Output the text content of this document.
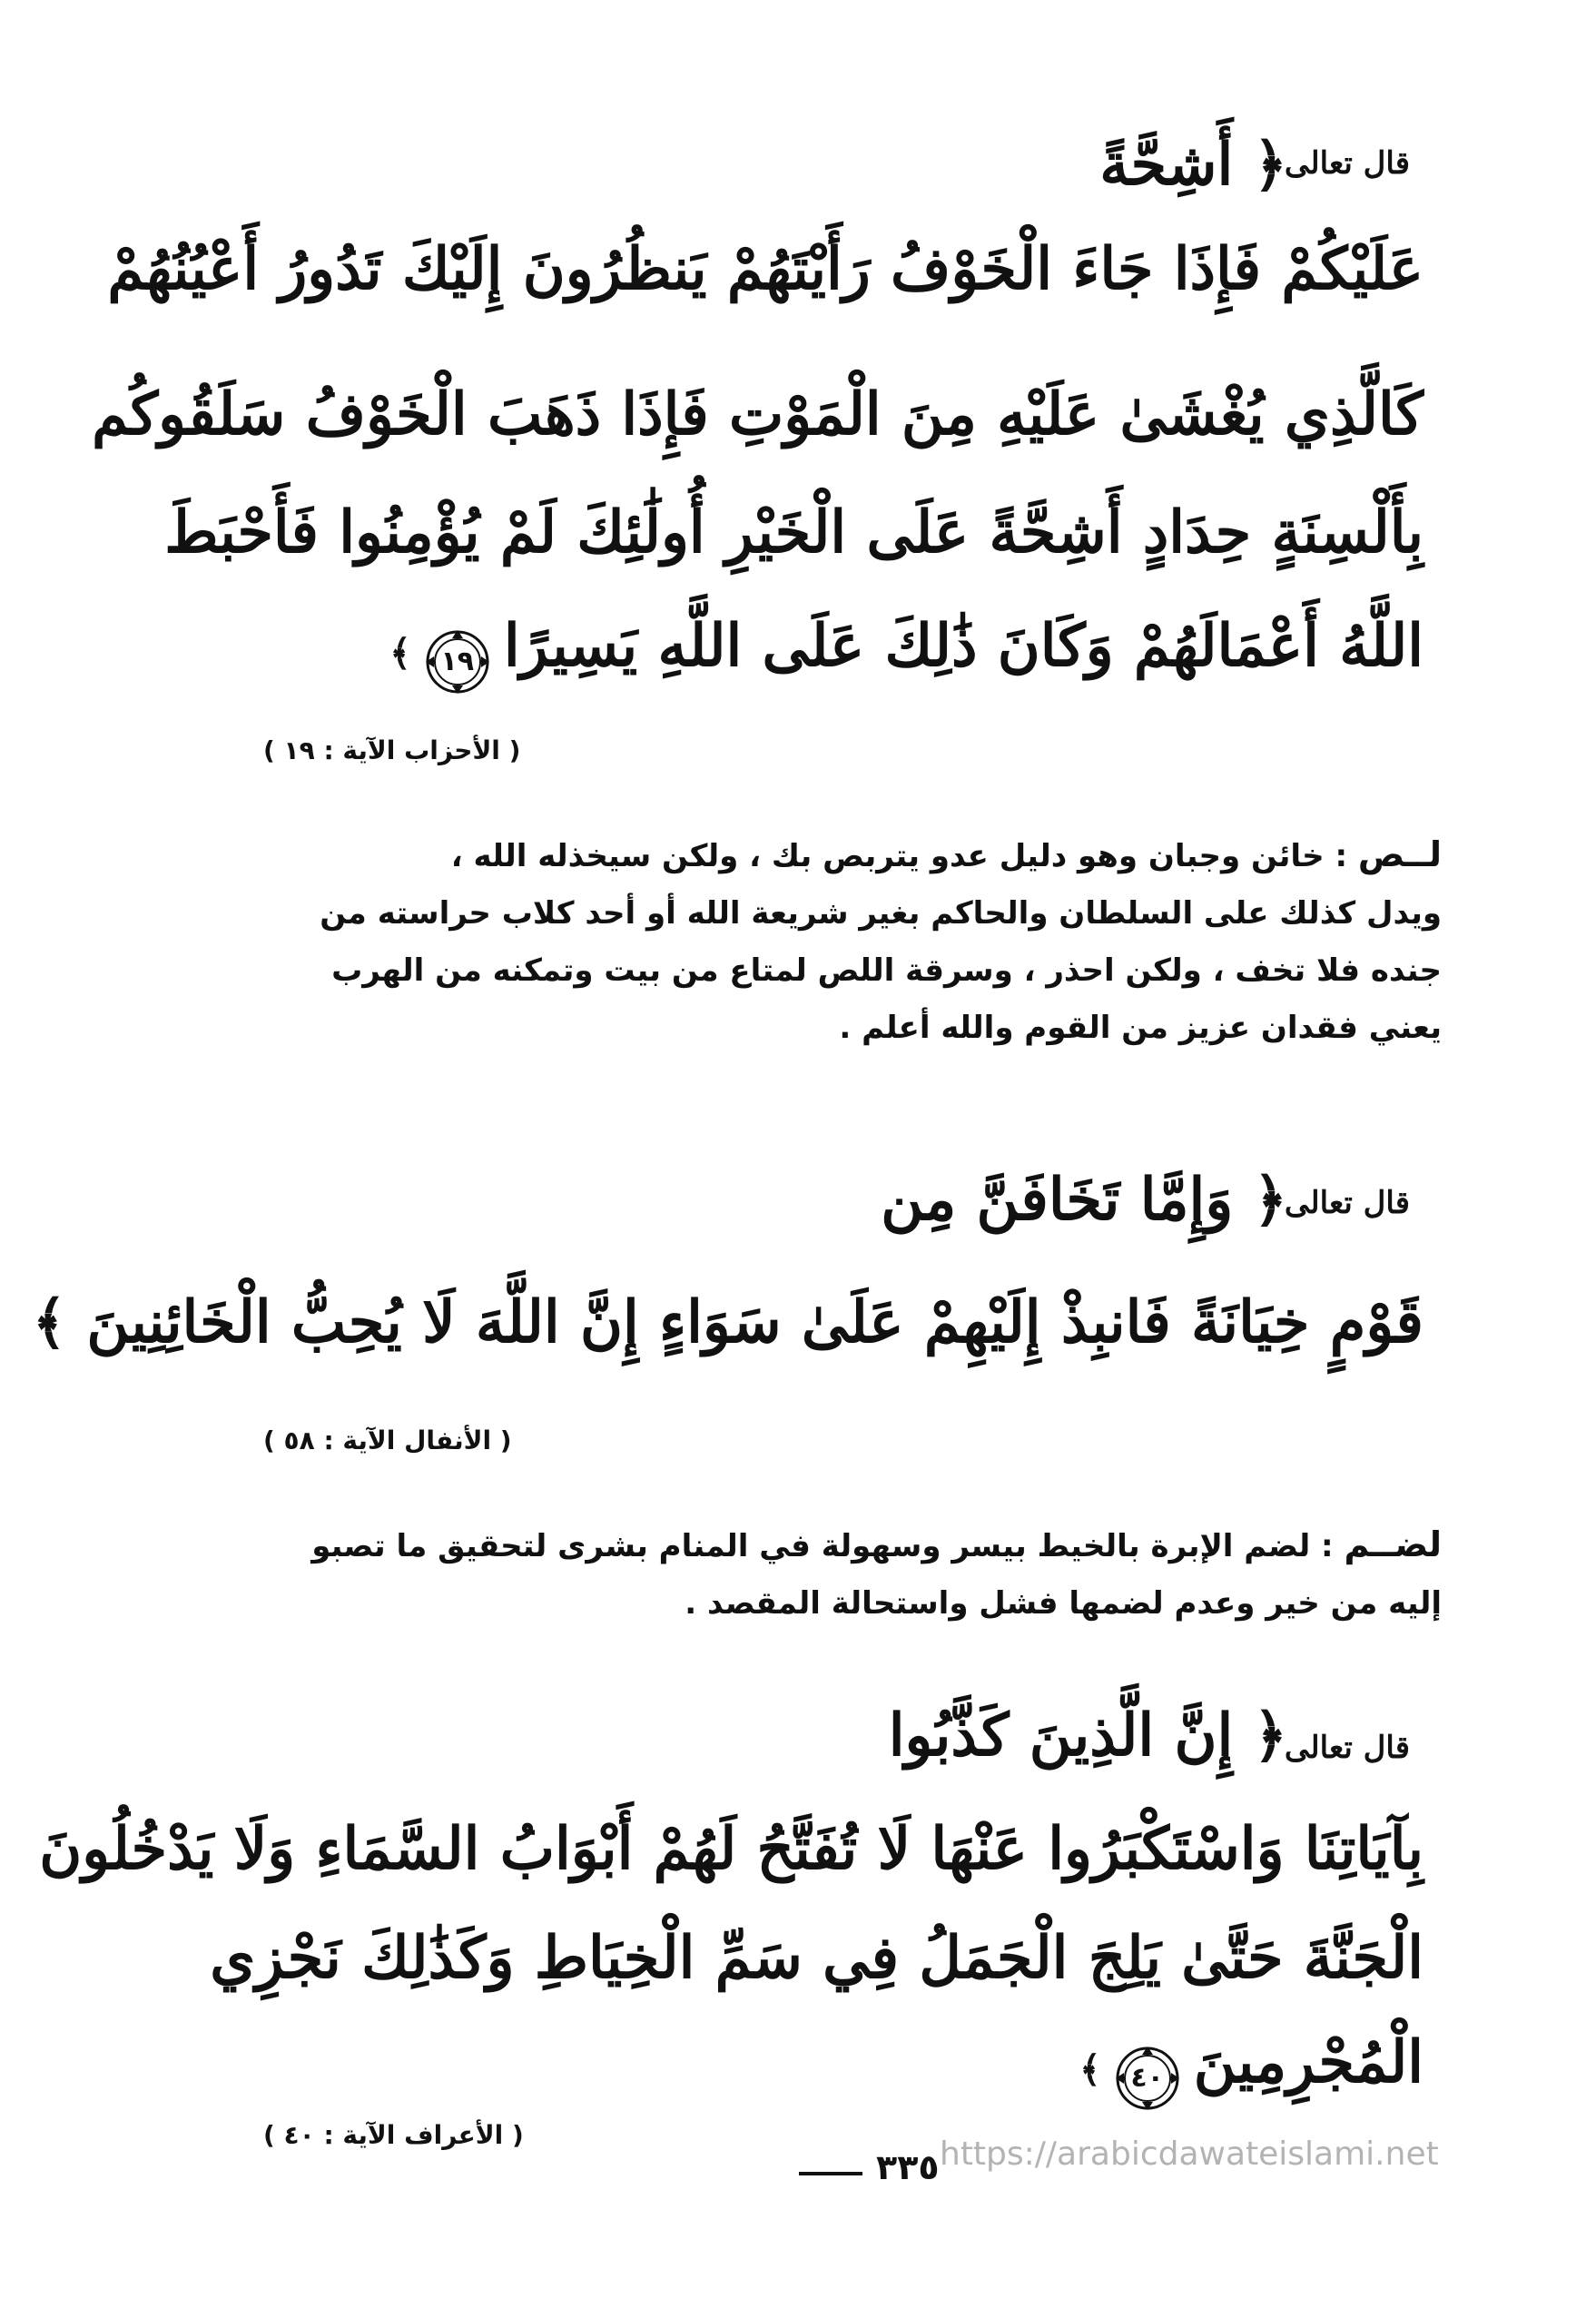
قال تعالى
﴿ أَشِحَّةً
عَلَيْكُمْ فَإِذَا جَاءَ الْخَوْفُ رَأَيْتَهُمْ يَنظُرُونَ إِلَيْكَ تَدُورُ أَعْيُنُهُمْ
كَالَّذِي يُغْشَىٰ عَلَيْهِ مِنَ الْمَوْتِ فَإِذَا ذَهَبَ الْخَوْفُ سَلَقُوكُم
بِأَلْسِنَةٍ حِدَادٍ أَشِحَّةً عَلَى الْخَيْرِ أُولَٰئِكَ لَمْ يُؤْمِنُوا فَأَحْبَطَ
اللَّهُ أَعْمَالَهُمْ وَكَانَ ذَٰلِكَ عَلَى اللَّهِ يَسِيرًا
١٩
﴾
( الأحزاب الآية : ١٩ )
لــص : خائن وجبان وهو دليل عدو يتربص بك ، ولكن سيخذله الله ،
ويدل كذلك على السلطان والحاكم بغير شريعة الله أو أحد كلاب حراسته من
جنده فلا تخف ، ولكن احذر ، وسرقة اللص لمتاع من بيت وتمكنه من الهرب
يعني فقدان عزيز من القوم والله أعلم .
قال تعالى
﴿ وَإِمَّا تَخَافَنَّ مِن
قَوْمٍ خِيَانَةً فَانبِذْ إِلَيْهِمْ عَلَىٰ سَوَاءٍ إِنَّ اللَّهَ لَا يُحِبُّ الْخَائِنِينَ ﴾
( الأنفال الآية : ٥٨ )
لضــم : لضم الإبرة بالخيط بيسر وسهولة في المنام بشرى لتحقيق ما تصبو
إليه من خير وعدم لضمها فشل واستحالة المقصد .
قال تعالى .
﴿ إِنَّ الَّذِينَ كَذَّبُوا
بِآيَاتِنَا وَاسْتَكْبَرُوا عَنْهَا لَا تُفَتَّحُ لَهُمْ أَبْوَابُ السَّمَاءِ وَلَا يَدْخُلُونَ
الْجَنَّةَ حَتَّىٰ يَلِجَ الْجَمَلُ فِي سَمِّ الْخِيَاطِ وَكَذَٰلِكَ نَجْزِي
الْمُجْرِمِينَ
٤٠
﴾
( الأعراف الآية : ٤٠ )
٣٣٥ https://arabicdawateislami.net
